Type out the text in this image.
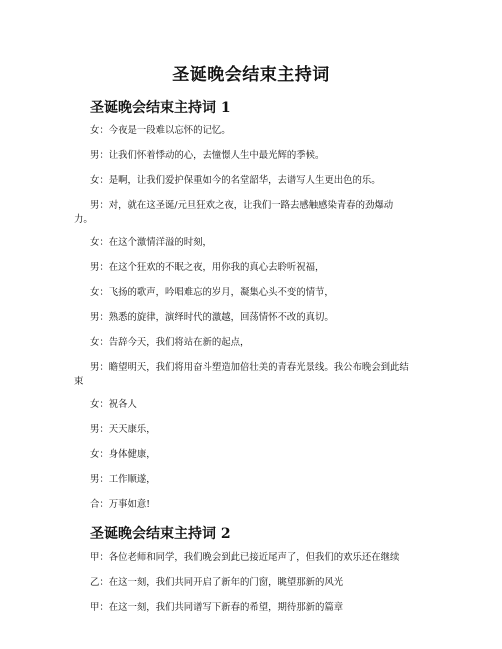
圣诞晚会结束主持词
圣诞晚会结束主持词 1
女：今夜是一段难以忘怀的记忆。
男：让我们怀着悸动的心，去憧憬人生中最光辉的季候。
女：是啊，让我们爱护保重如今的名堂韶华，去谱写人生更出色的乐。
男：对，就在这圣诞/元旦狂欢之夜，让我们一路去感触感染青春的劲爆动
力。
女：在这个激情洋溢的时刻，
男：在这个狂欢的不眠之夜，用你我的真心去聆听祝福，
女：飞扬的歌声，吟唱难忘的岁月，凝集心头不变的情节，
男：熟悉的旋律，演绎时代的激越，回荡情怀不改的真切。
女：告辞今天，我们将站在新的起点，
男：瞻望明天，我们将用奋斗塑造加倍壮美的青春光景线。我公布晚会到此结
束
女：祝各人
男：天天康乐，
女：身体健康，
男：工作顺遂，
合：万事如意!
圣诞晚会结束主持词 2
甲：各位老师和同学，我们晚会到此已接近尾声了，但我们的欢乐还在继续
乙：在这一刻，我们共同开启了新年的门窗，眺望那新的风光
甲：在这一刻，我们共同谱写下新春的希望，期待那新的篇章
